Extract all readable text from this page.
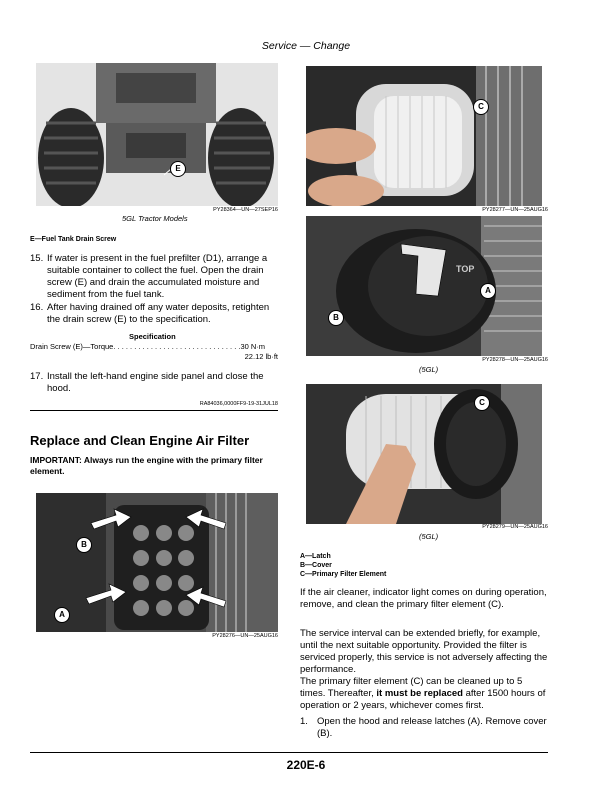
Service — Change
E
PY28364—UN—27SEP16
5GL Tractor Models
E—Fuel Tank Drain Screw
15. If water is present in the fuel prefilter (D1), arrange a suitable container to collect the fuel. Open the drain screw (E) and drain the accumulated moisture and sediment from the fuel tank.
16. After having drained off any water deposits, retighten the drain screw (E) to the specification.
Specification
Drain Screw (E)—Torque. . . . . . . . . . . . . . . . . . . . . . . . . . . . . . .30 N·m
22.12 lb·ft
17. Install the left-hand engine side panel and close the hood.
RA84036,0000FF9-19-31JUL18
Replace and Clean Engine Air Filter
IMPORTANT: Always run the engine with the primary filter element.
B
A
PY28276—UN—25AUG16
C
PY28277—UN—25AUG16
TOP
A
B
PY28278—UN—25AUG16
(5GL)
C
PY28279—UN—25AUG16
(5GL)
A—Latch
B—Cover
C—Primary Filter Element
If the air cleaner, indicator light comes on during operation, remove, and clean the primary filter element (C).
The service interval can be extended briefly, for example, until the next suitable opportunity. Provided the filter is serviced properly, this service is not adversely affecting the performance.
The primary filter element (C) can be cleaned up to 5 times. Thereafter, it must be replaced after 1500 hours of operation or 2 years, whichever comes first.
1. Open the hood and release latches (A). Remove cover (B).
220E-6
